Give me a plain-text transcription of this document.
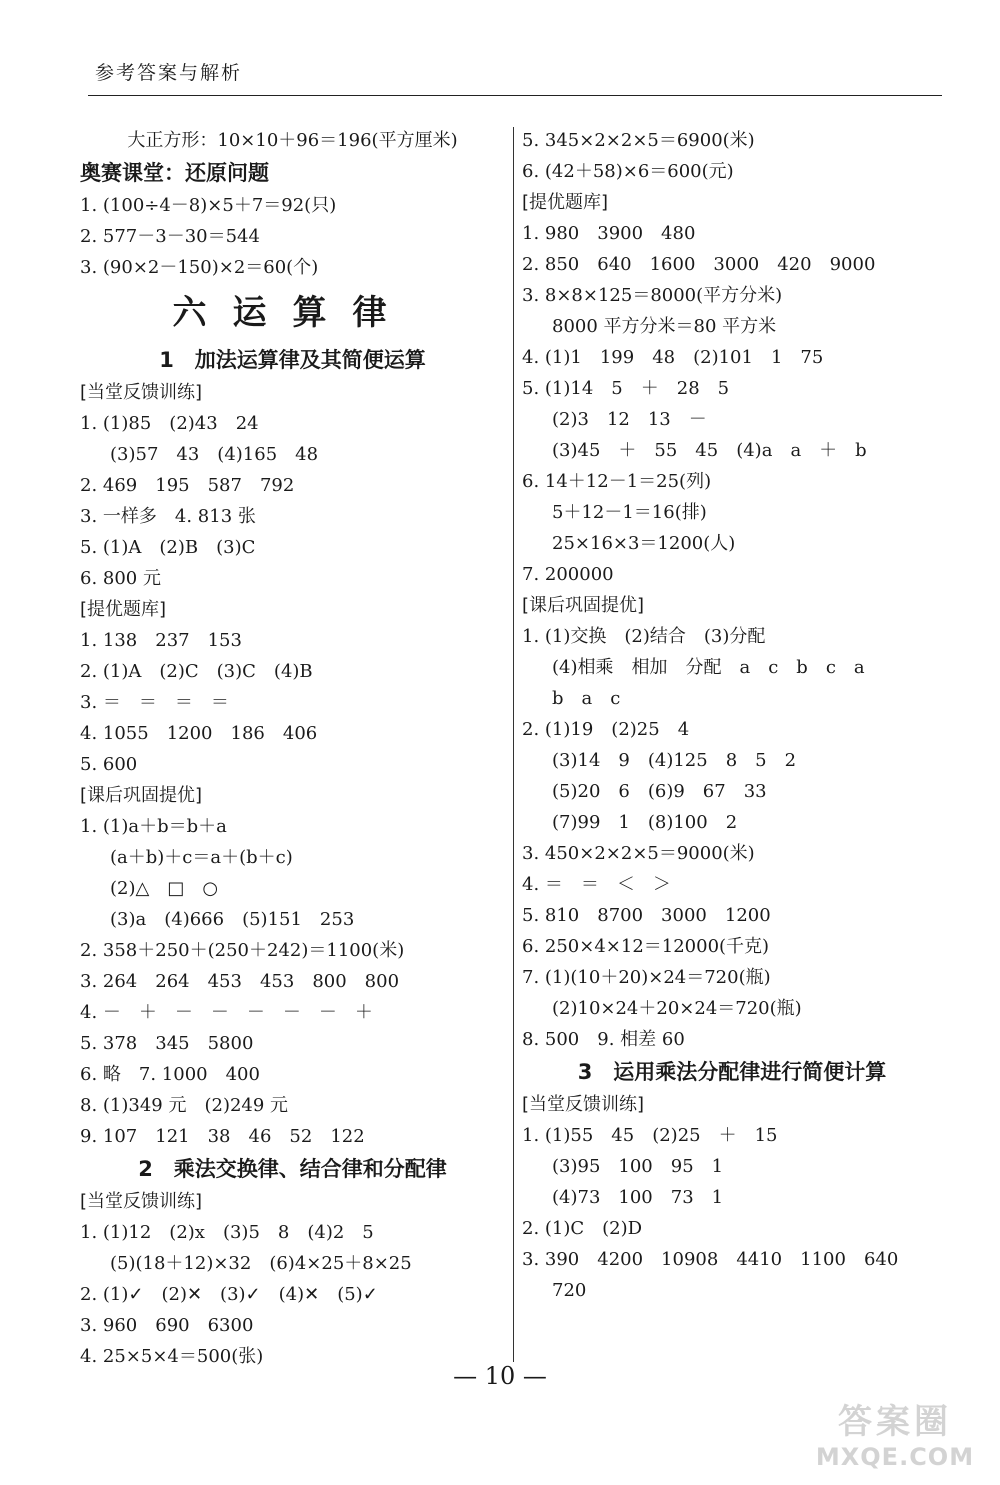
参考答案与解析
大正方形：10×10＋96＝196(平方厘米)
奥赛课堂：还原问题
1. (100÷4－8)×5＋7＝92(只)
2. 577－3－30＝544
3. (90×2－150)×2＝60(个)
六运算律
1　加法运算律及其简便运算
[当堂反馈训练]
1. (1)85　(2)43　24
(3)57　43　(4)165　48
2. 469　195　587　792
3. 一样多　4. 813 张
5. (1)A　(2)B　(3)C
6. 800 元
[提优题库]
1. 138　237　153
2. (1)A　(2)C　(3)C　(4)B
3. ＝　＝　＝　＝
4. 1055　1200　186　406
5. 600
[课后巩固提优]
1. (1)a＋b＝b＋a
(a＋b)＋c＝a＋(b＋c)
(2)△　□　○
(3)a　(4)666　(5)151　253
2. 358＋250＋(250＋242)＝1100(米)
3. 264　264　453　453　800　800
4. －　＋　－　－　－　－　－　＋
5. 378　345　5800
6. 略　7. 1000　400
8. (1)349 元　(2)249 元
9. 107　121　38　46　52　122
2　乘法交换律、结合律和分配律
[当堂反馈训练]
1. (1)12　(2)x　(3)5　8　(4)2　5
(5)(18＋12)×32　(6)4×25＋8×25
2. (1)✓　(2)✕　(3)✓　(4)✕　(5)✓
3. 960　690　6300
4. 25×5×4＝500(张)
5. 345×2×2×5＝6900(米)
6. (42＋58)×6＝600(元)
[提优题库]
1. 980　3900　480
2. 850　640　1600　3000　420　9000
3. 8×8×125＝8000(平方分米)
8000 平方分米＝80 平方米
4. (1)1　199　48　(2)101　1　75
5. (1)14　5　＋　28　5
(2)3　12　13　－
(3)45　＋　55　45　(4)a　a　＋　b
6. 14＋12－1＝25(列)
5＋12－1＝16(排)
25×16×3＝1200(人)
7. 200000
[课后巩固提优]
1. (1)交换　(2)结合　(3)分配
(4)相乘　相加　分配　a　c　b　c　a
b　a　c
2. (1)19　(2)25　4
(3)14　9　(4)125　8　5　2
(5)20　6　(6)9　67　33
(7)99　1　(8)100　2
3. 450×2×2×5＝9000(米)
4. ＝　＝　＜　＞
5. 810　8700　3000　1200
6. 250×4×12＝12000(千克)
7. (1)(10＋20)×24＝720(瓶)
(2)10×24＋20×24＝720(瓶)
8. 500　9. 相差 60
3　运用乘法分配律进行简便计算
[当堂反馈训练]
1. (1)55　45　(2)25　＋　15
(3)95　100　95　1
(4)73　100　73　1
2. (1)C　(2)D
3. 390　4200　10908　4410　1100　640
720
— 10 —
答案圈
MXQE.COM
